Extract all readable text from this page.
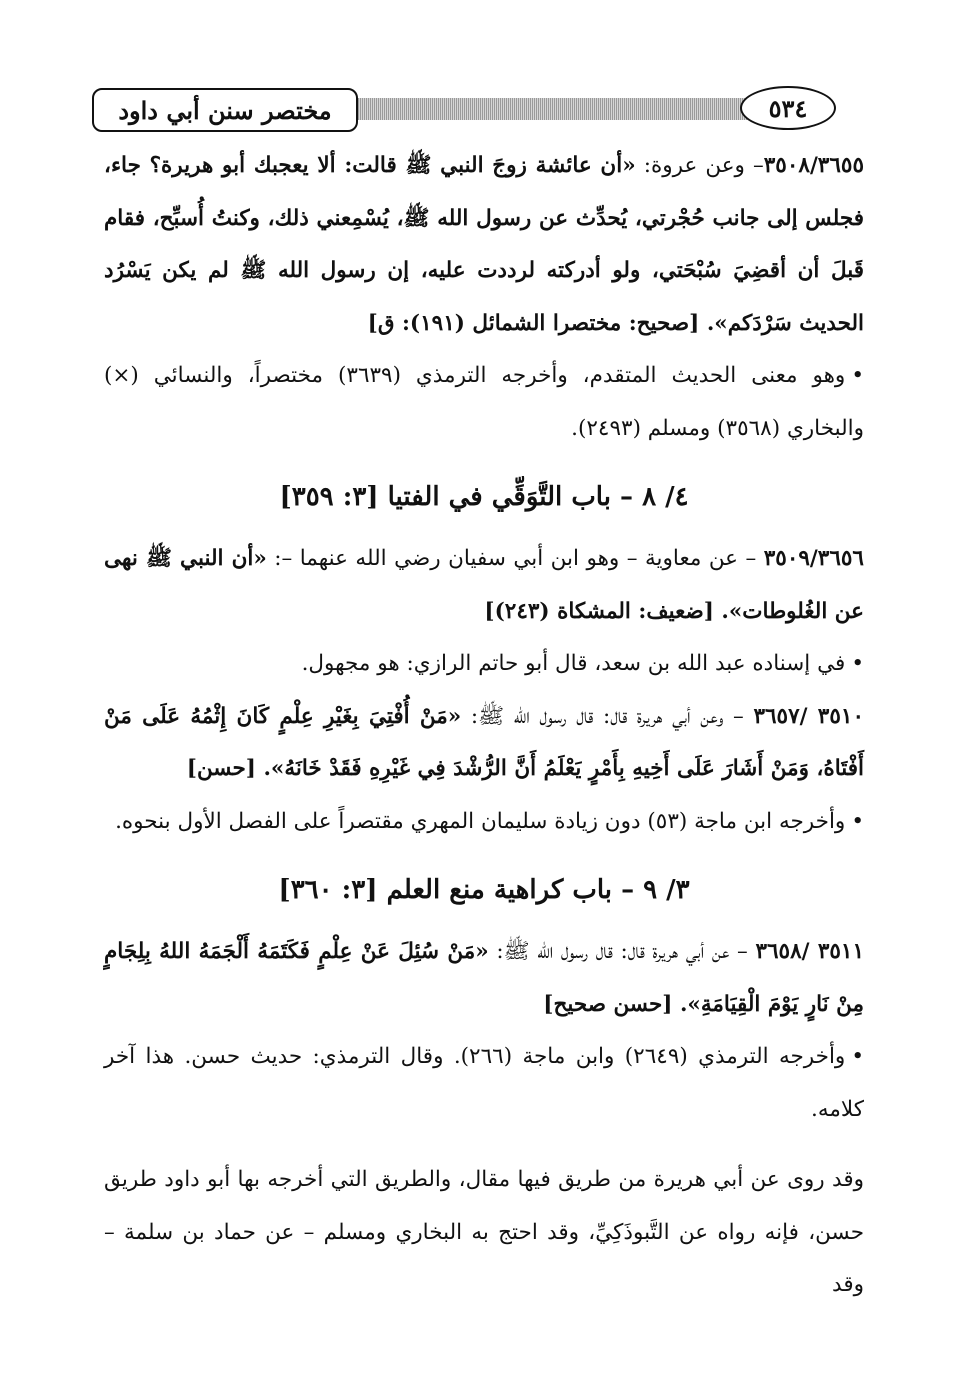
مختصر سنن أبي داود	٥٣٤

٣٥٠٨/٣٦٥٥– وعن عروة: «أن عائشة زوجَ النبي ﷺ قالت: ألا يعجبك أبو هريرة؟ جاء، فجلس إلى جانب حُجْرتي، يُحدِّث عن رسول الله ﷺ، يُسْمِعني ذلك، وكنتُ أُسبِّح، فقام قَبلَ أن أقضِيَ سُبْحَتي، ولو أدركته لرددت عليه، إن رسول الله ﷺ لم يكن يَسْرُد الحديث سَرْدَكم». [صحيح: مختصرا الشمائل (١٩١): ق]

•وهو معنى الحديث المتقدم، وأخرجه الترمذي (٣٦٣٩) مختصراً، والنسائي (×) والبخاري (٣٥٦٨) ومسلم (٢٤٩٣).

٤/ ٨ – باب التَّوَقِّي في الفتيا [٣: ٣٥٩]

٣٥٠٩/٣٦٥٦ – عن معاوية – وهو ابن أبي سفيان رضي الله عنهما –: «أن النبي ﷺ نهى عن الغُلوطات». [ضعيف: المشكاة (٢٤٣)]

•في إسناده عبد الله بن سعد، قال أبو حاتم الرازي: هو مجهول.

٣٥١٠ /٣٦٥٧ – وعن أبي هريرة قال: قال رسول الله ﷺ: «مَنْ أُفْتِيَ بِغَيْرِ عِلْمٍ كَانَ إِثْمُهُ عَلَى مَنْ أَفْتَاهُ، وَمَنْ أَشَارَ عَلَى أَخِيهِ بِأَمْرٍ يَعْلَمُ أَنَّ الرُّشْدَ فِي غَيْرِهِ فَقَدْ خَانَهُ». [حسن]

•وأخرجه ابن ماجة (٥٣) دون زيادة سليمان المهري مقتصراً على الفصل الأول بنحوه.

٣/ ٩ – باب كراهية منع العلم [٣: ٣٦٠]

٣٥١١ /٣٦٥٨ – عن أبي هريرة قال: قال رسول الله ﷺ: «مَنْ سُئِلَ عَنْ عِلْمٍ فَكَتَمَهُ أَلْجَمَهُ اللهُ بِلِجَامٍ مِنْ نَارٍ يَوْمَ الْقِيَامَةِ». [حسن صحيح]

•وأخرجه الترمذي (٢٦٤٩) وابن ماجة (٢٦٦). وقال الترمذي: حديث حسن. هذا آخر كلامه.

وقد روى عن أبي هريرة من طريق فيها مقال، والطريق التي أخرجه بها أبو داود طريق حسن، فإنه رواه عن التَّبوذَكِيِّ، وقد احتج به البخاري ومسلم – عن حماد بن سلمة – وقد
